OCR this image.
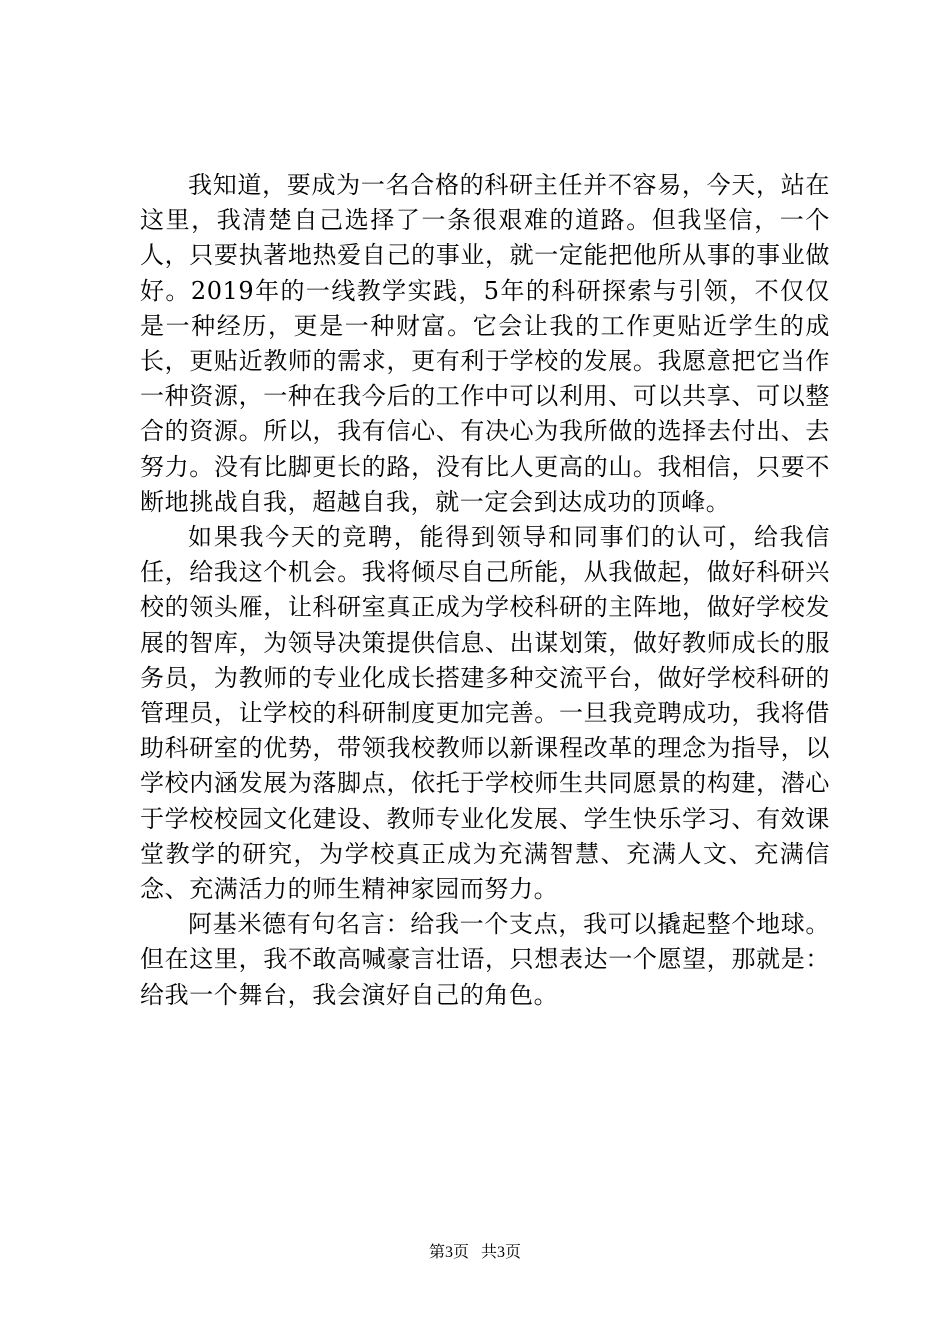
我知道，要成为一名合格的科研主任并不容易，今天，站在这里，我清楚自己选择了一条很艰难的道路。但我坚信，一个人，只要执著地热爱自己的事业，就一定能把他所从事的事业做好。2019年的一线教学实践，5年的科研探索与引领，不仅仅是一种经历，更是一种财富。它会让我的工作更贴近学生的成长，更贴近教师的需求，更有利于学校的发展。我愿意把它当作一种资源，一种在我今后的工作中可以利用、可以共享、可以整合的资源。所以，我有信心、有决心为我所做的选择去付出、去努力。没有比脚更长的路，没有比人更高的山。我相信，只要不断地挑战自我，超越自我，就一定会到达成功的顶峰。

如果我今天的竞聘，能得到领导和同事们的认可，给我信任，给我这个机会。我将倾尽自己所能，从我做起，做好科研兴校的领头雁，让科研室真正成为学校科研的主阵地，做好学校发展的智库，为领导决策提供信息、出谋划策，做好教师成长的服务员，为教师的专业化成长搭建多种交流平台，做好学校科研的管理员，让学校的科研制度更加完善。一旦我竞聘成功，我将借助科研室的优势，带领我校教师以新课程改革的理念为指导，以学校内涵发展为落脚点，依托于学校师生共同愿景的构建，潜心于学校校园文化建设、教师专业化发展、学生快乐学习、有效课堂教学的研究，为学校真正成为充满智慧、充满人文、充满信念、充满活力的师生精神家园而努力。

阿基米德有句名言：给我一个支点，我可以撬起整个地球。但在这里，我不敢高喊豪言壮语，只想表达一个愿望，那就是：给我一个舞台，我会演好自己的角色。

第3页 共3页
